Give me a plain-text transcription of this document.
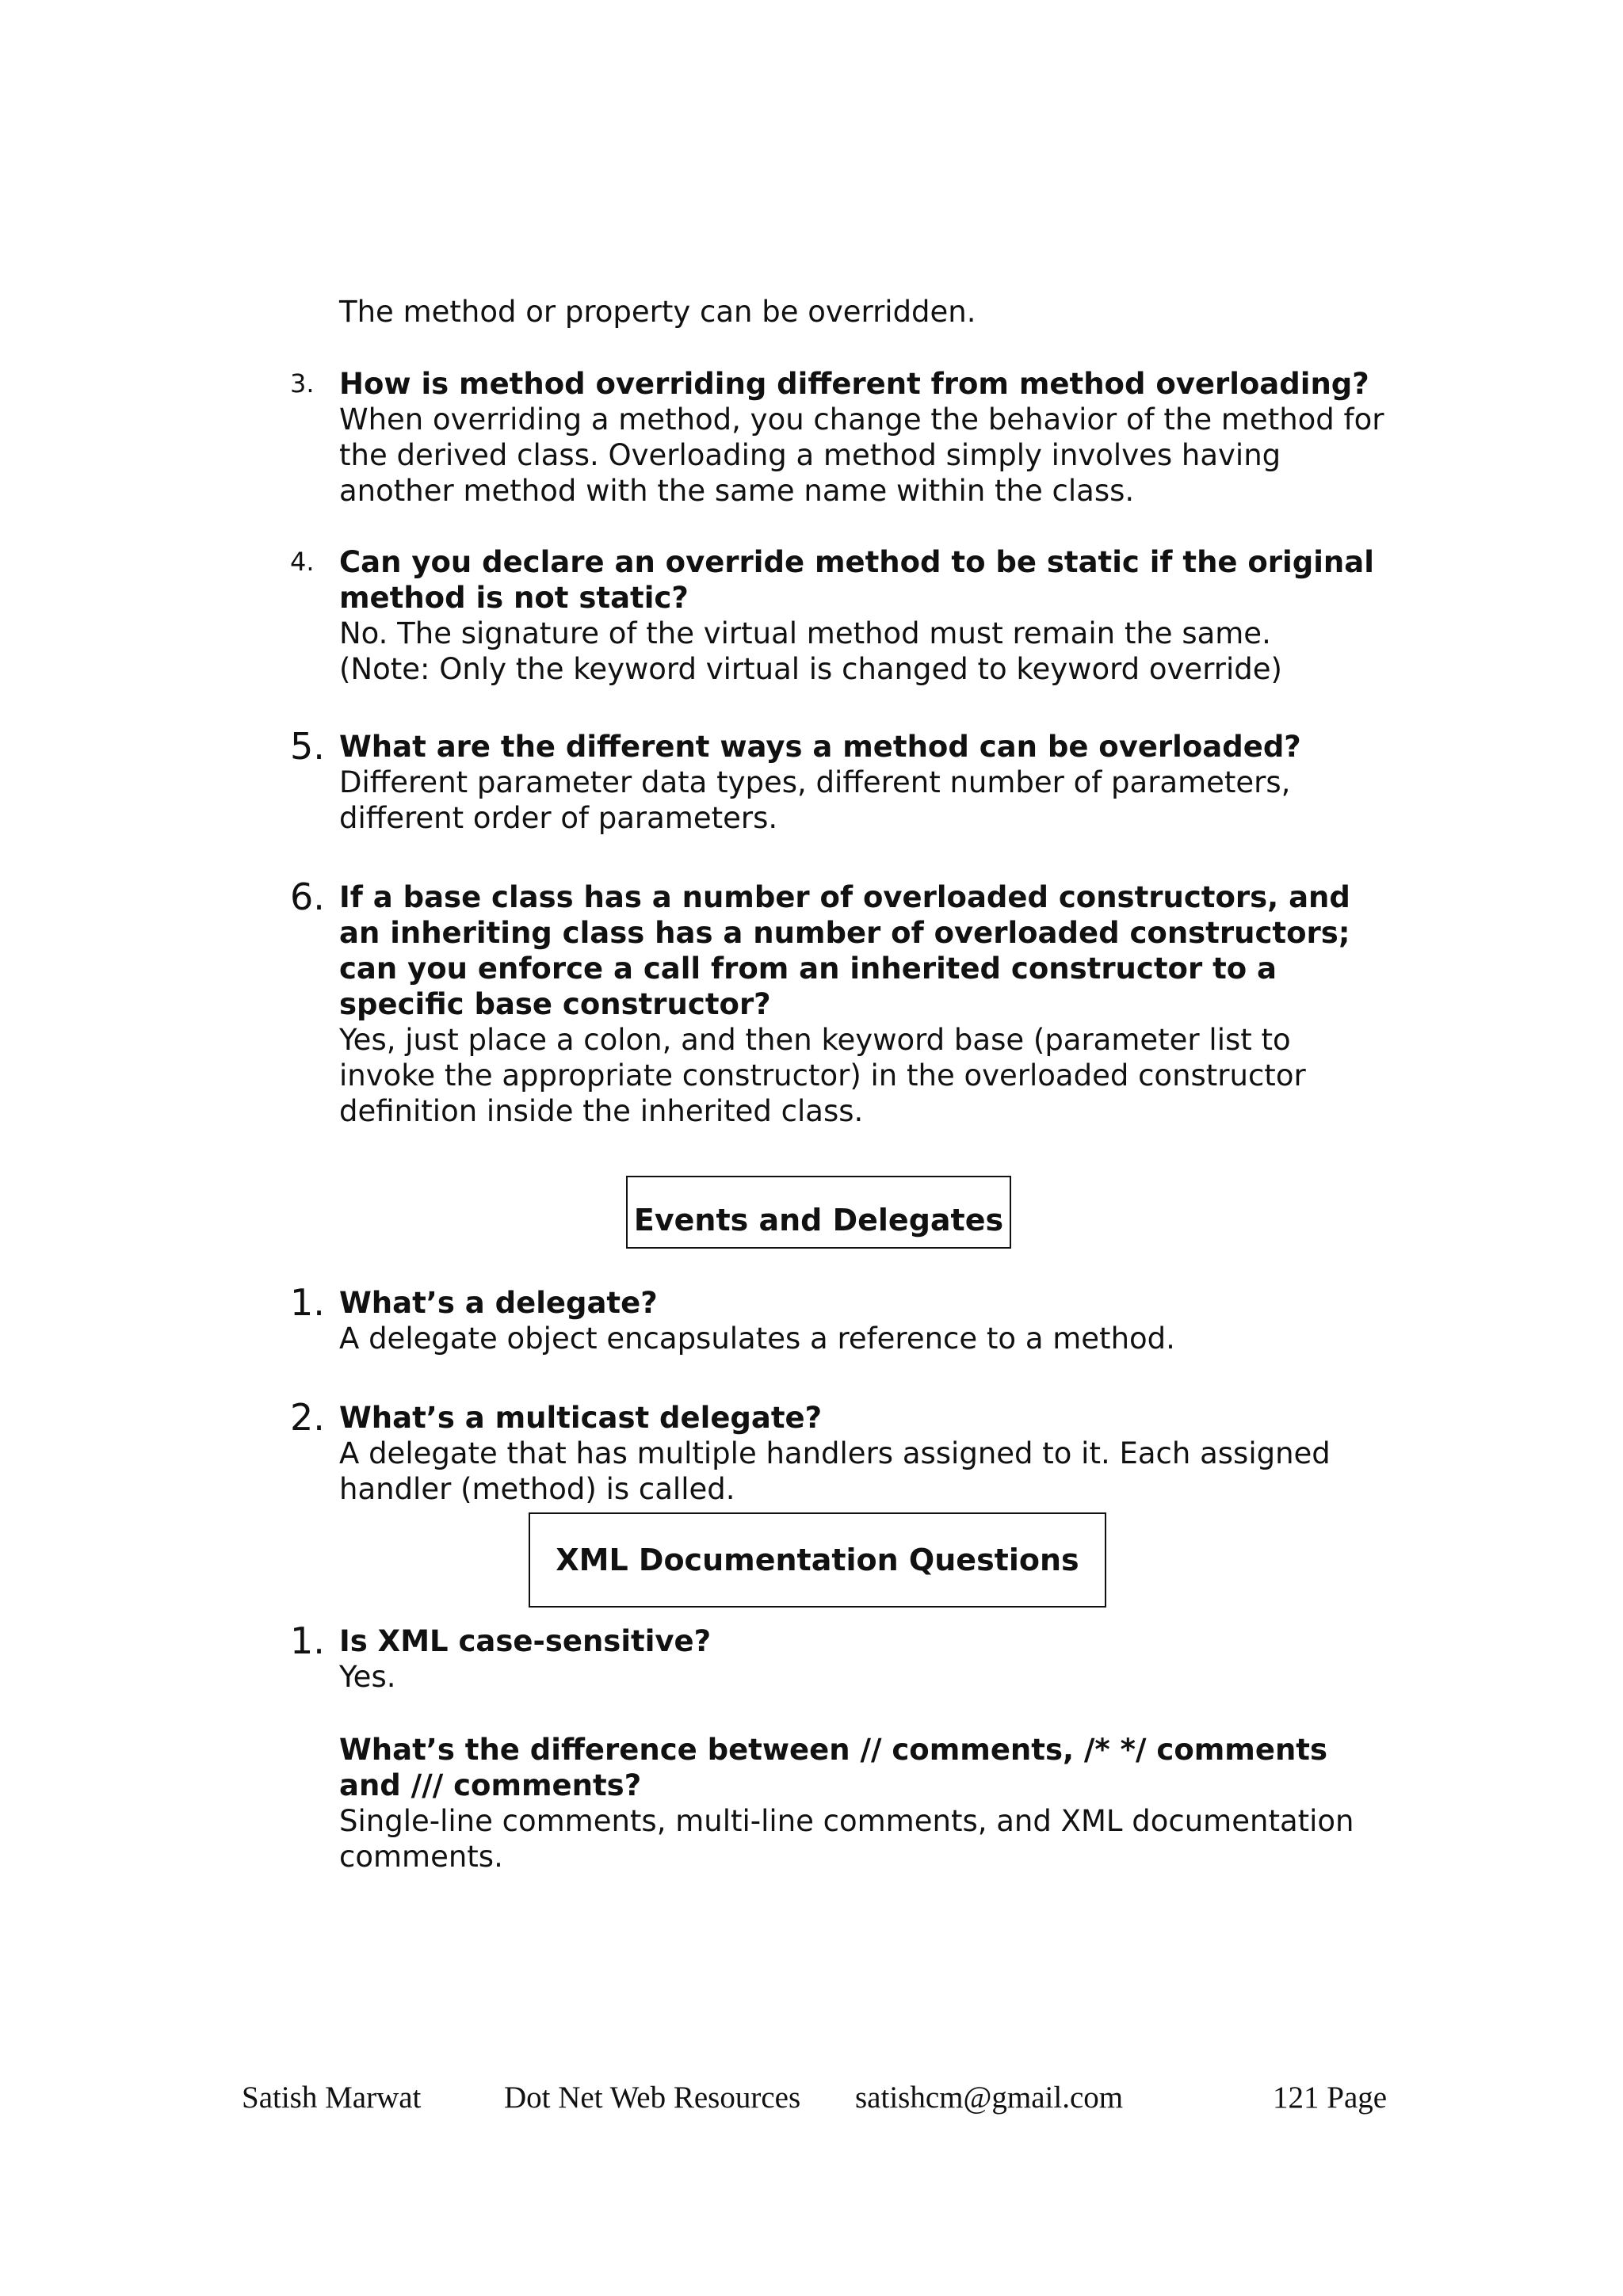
The method or property can be overridden.
3. How is method overriding different from method overloading?
When overriding a method, you change the behavior of the method for
the derived class. Overloading a method simply involves having
another method with the same name within the class.
4. Can you declare an override method to be static if the original
method is not static?
No. The signature of the virtual method must remain the same.
(Note: Only the keyword virtual is changed to keyword override)
5. What are the different ways a method can be overloaded?
Different parameter data types, different number of parameters,
different order of parameters.
6. If a base class has a number of overloaded constructors, and
an inheriting class has a number of overloaded constructors;
can you enforce a call from an inherited constructor to a
specific base constructor?
Yes, just place a colon, and then keyword base (parameter list to
invoke the appropriate constructor) in the overloaded constructor
definition inside the inherited class.
Events and Delegates
1. What’s a delegate?
A delegate object encapsulates a reference to a method.
2. What’s a multicast delegate?
A delegate that has multiple handlers assigned to it. Each assigned
handler (method) is called.
XML Documentation Questions
1. Is XML case-sensitive?
Yes.
What’s the difference between // comments, /* */ comments
and /// comments?
Single-line comments, multi-line comments, and XML documentation
comments.
Satish Marwat	Dot Net Web Resources satishcm@gmail.com	121 Page
